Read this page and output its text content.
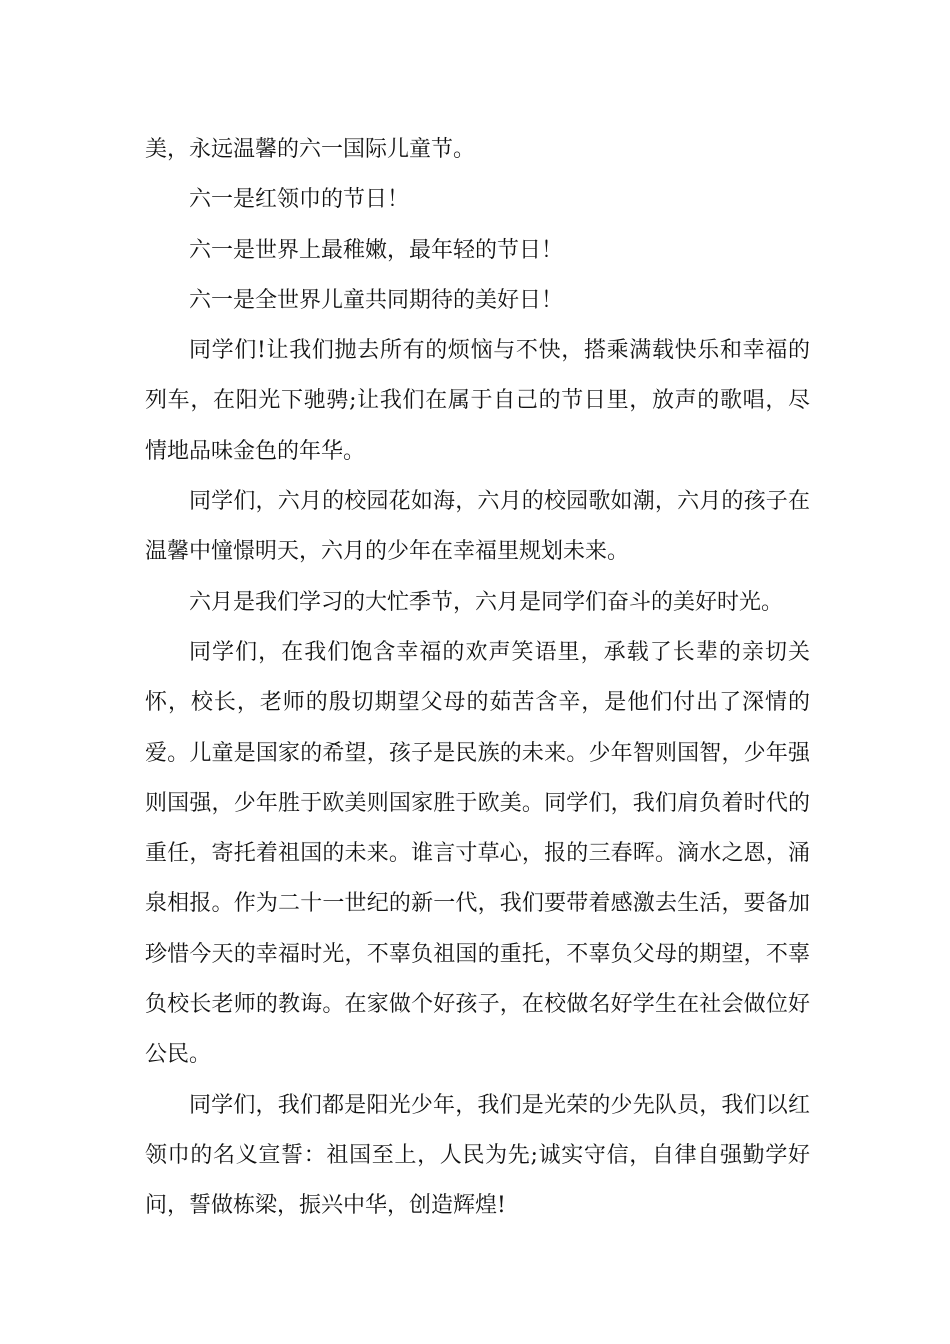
美，永远温馨的六一国际儿童节。

六一是红领巾的节日！

六一是世界上最稚嫩，最年轻的节日！

六一是全世界儿童共同期待的美好日！

同学们!让我们抛去所有的烦恼与不快，搭乘满载快乐和幸福的列车，在阳光下驰骋;让我们在属于自己的节日里，放声的歌唱，尽情地品味金色的年华。

同学们，六月的校园花如海，六月的校园歌如潮，六月的孩子在温馨中憧憬明天，六月的少年在幸福里规划未来。

六月是我们学习的大忙季节，六月是同学们奋斗的美好时光。

同学们，在我们饱含幸福的欢声笑语里，承载了长辈的亲切关怀，校长，老师的殷切期望父母的茹苦含辛，是他们付出了深情的爱。儿童是国家的希望，孩子是民族的未来。少年智则国智，少年强则国强，少年胜于欧美则国家胜于欧美。同学们，我们肩负着时代的重任，寄托着祖国的未来。谁言寸草心，报的三春晖。滴水之恩，涌泉相报。作为二十一世纪的新一代，我们要带着感激去生活，要备加珍惜今天的幸福时光，不辜负祖国的重托，不辜负父母的期望，不辜负校长老师的教诲。在家做个好孩子，在校做名好学生在社会做位好公民。

同学们，我们都是阳光少年，我们是光荣的少先队员，我们以红领巾的名义宣誓：祖国至上，人民为先;诚实守信，自律自强勤学好问，誓做栋梁，振兴中华，创造辉煌!
